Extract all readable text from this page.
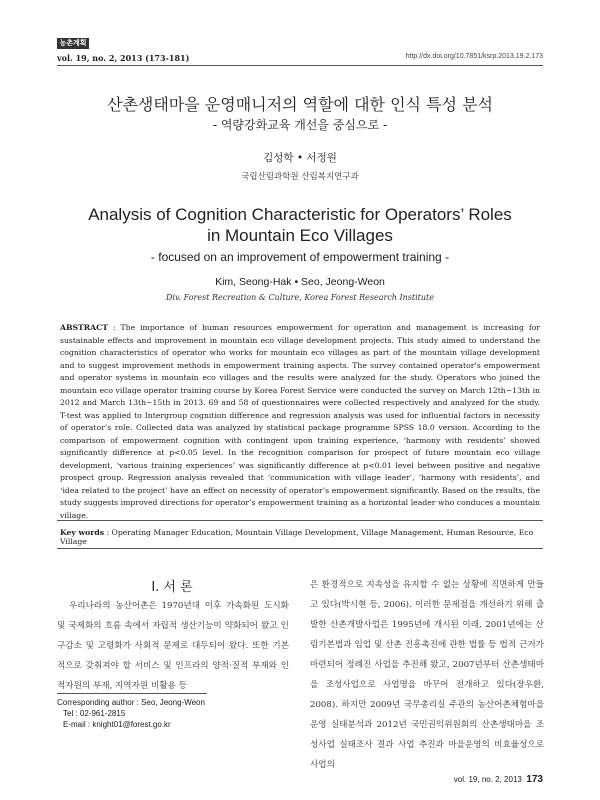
농촌계획
vol. 19, no. 2, 2013 (173-181)	http://dx.doi.org/10.7851/ksrp.2013.19.2.173
산촌생태마을 운영매니저의 역할에 대한 인식 특성 분석
- 역량강화교육 개선을 중심으로 -
김성학 • 서정원
국립산림과학원 산림복지연구과
Analysis of Cognition Characteristic for Operators’ Roles
in Mountain Eco Villages
- focused on an improvement of empowerment training -
Kim, Seong-Hak • Seo, Jeong-Weon
Div. Forest Recreation & Culture, Korea Forest Research Institute
ABSTRACT : The importance of human resources empowerment for operation and management is increasing for sustainable effects and improvement in mountain eco village development projects. This study aimed to understand the cognition characteristics of operator who works for mountain eco villages as part of the mountain village development and to suggest improvement methods in empowerment training aspects. The survey contained operator’s empowerment and operator systems in mountain eco villages and the results were analyzed for the study. Operators who joined the mountain eco village operator training course by Korea Forest Service were conducted the survey on March 12th~13th in 2012 and March 13th~15th in 2013. 69 and 58 of questionnaires were collected respectively and analyzed for the study. T-test was applied to Intergroup cognition difference and regression analysis was used for influential factors in necessity of operator’s role. Collected data was analyzed by statistical package programme SPSS 18.0 version. According to the comparison of empowerment cognition with contingent upon training experience, ‘harmony with residents’ showed significantly difference at p<0.05 level. In the recognition comparison for prospect of future mountain eco village development, ‘various training experiences’ was significantly difference at p<0.01 level between positive and negative prospect group. Regression analysis revealed that ‘communication with village leader’, ‘harmony with residents’, and ‘idea related to the project’ have an effect on necessity of operator’s empowerment significantly. Based on the results, the study suggests improved directions for operator’s empowerment training as a horizontal leader who conduces a mountain village.
Key words : Operating Manager Education, Mountain Village Development, Village Management, Human Resource, Eco Village
Ⅰ. 서 론
우리나라의 농산어촌은 1970년대 이후 가속화된 도시화 및 국제화의 흐름 속에서 자립적 생산기능이 약화되어 왔고 인구감소 및 고령화가 사회적 문제로 대두되어 왔다. 또한 기본적으로 갖춰져야 할 서비스 및 인프라의 양적·질적 부재와 인적자원의 부재, 지역자원 비활용 등
은 환경적으로 지속성을 유지할 수 없는 상황에 직면하게 만들고 있다(박시현 등, 2006). 이러한 문제점을 개선하기 위해 출발한 산촌개발사업은 1995년에 개시된 이래, 2001년에는 산림기본법과 임업 및 산촌 진흥촉진에 관한 법률 등 법적 근거가 마련되어 정례진 사업을 추진해 왔고, 2007년부터 산촌생태마을 조성사업으로 사업명을 바꾸어 전개하고 있다(장우환, 2008). 하지만 2009년 국무총리실 주관의 농산어촌체험마을 운영 실태분석과 2012년 국민권익위원회의 산촌생태마을 조성사업 실태조사 결과 사업 추진과 마을운영의 비효율성으로 사업의
Corresponding author : Seo, Jeong-Weon
Tel : 02-961-2815
E-mail : knight01@forest.go.kr
vol. 19, no. 2, 2013 173
